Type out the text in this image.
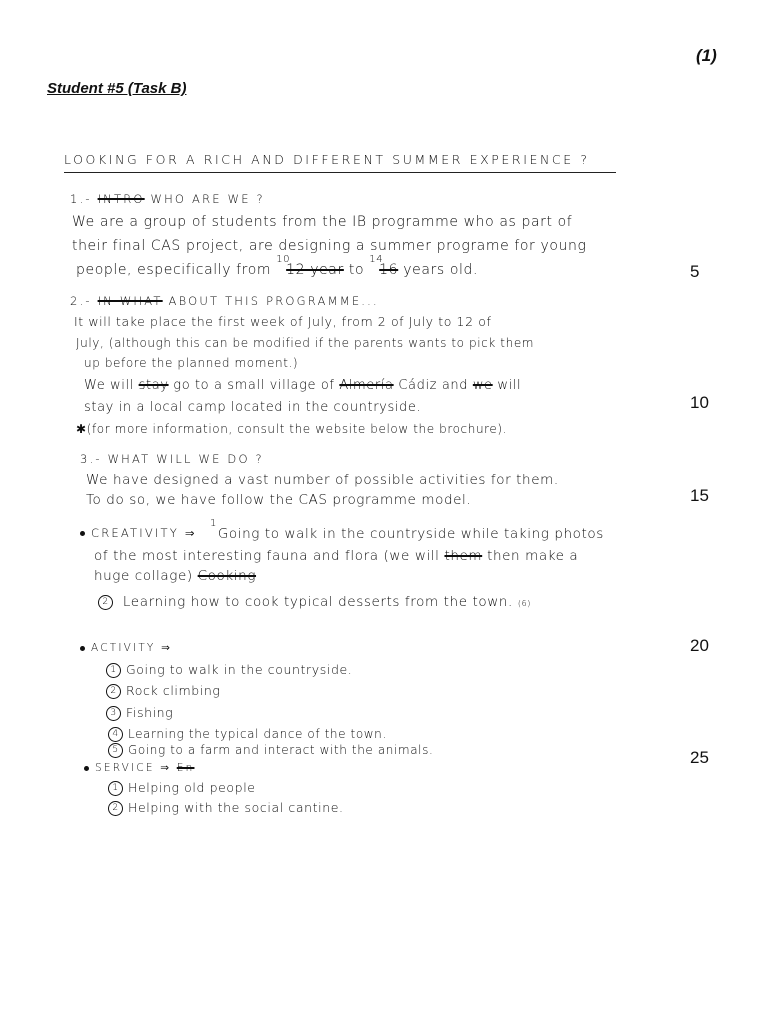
(1)
Student #5 (Task B)
5
10
15
20
25
LOOKING FOR A RICH AND DIFFERENT SUMMER EXPERIENCE ?
1.- INTRO WHO ARE WE ?
We are a group of students from the IB programme who as part of
their final CAS project, are designing a summer programe for young
people, especifically from $^{10}$12 year to $^{14}$16 years old.
2.- IN WHAT ABOUT THIS PROGRAMME...
It will take place the first week of July, from 2 of July to 12 of
July, (although this can be modified if the parents wants to pick them
up before the planned moment.)
We will stay go to a small village of Almería Cádiz and we will
stay in a local camp located in the countryside.
✱(for more information, consult the website below the brochure).
3.- WHAT WILL WE DO ?
We have designed a vast number of possible activities for them.
To do so, we have follow the CAS programme model.
CREATIVITY ⇒
$^1$ Going to walk in the countryside while taking photos
of the most interesting fauna and flora (we will them then make a
huge collage) Cooking
2 Learning how to cook typical desserts from the town. (6)
ACTIVITY ⇒
1 Going to walk in the countryside.
2 Rock climbing
3 Fishing
4 Learning the typical dance of the town.
5 Going to a farm and interact with the animals.
SERVICE ⇒ En
1 Helping old people
2 Helping with the social cantine.
